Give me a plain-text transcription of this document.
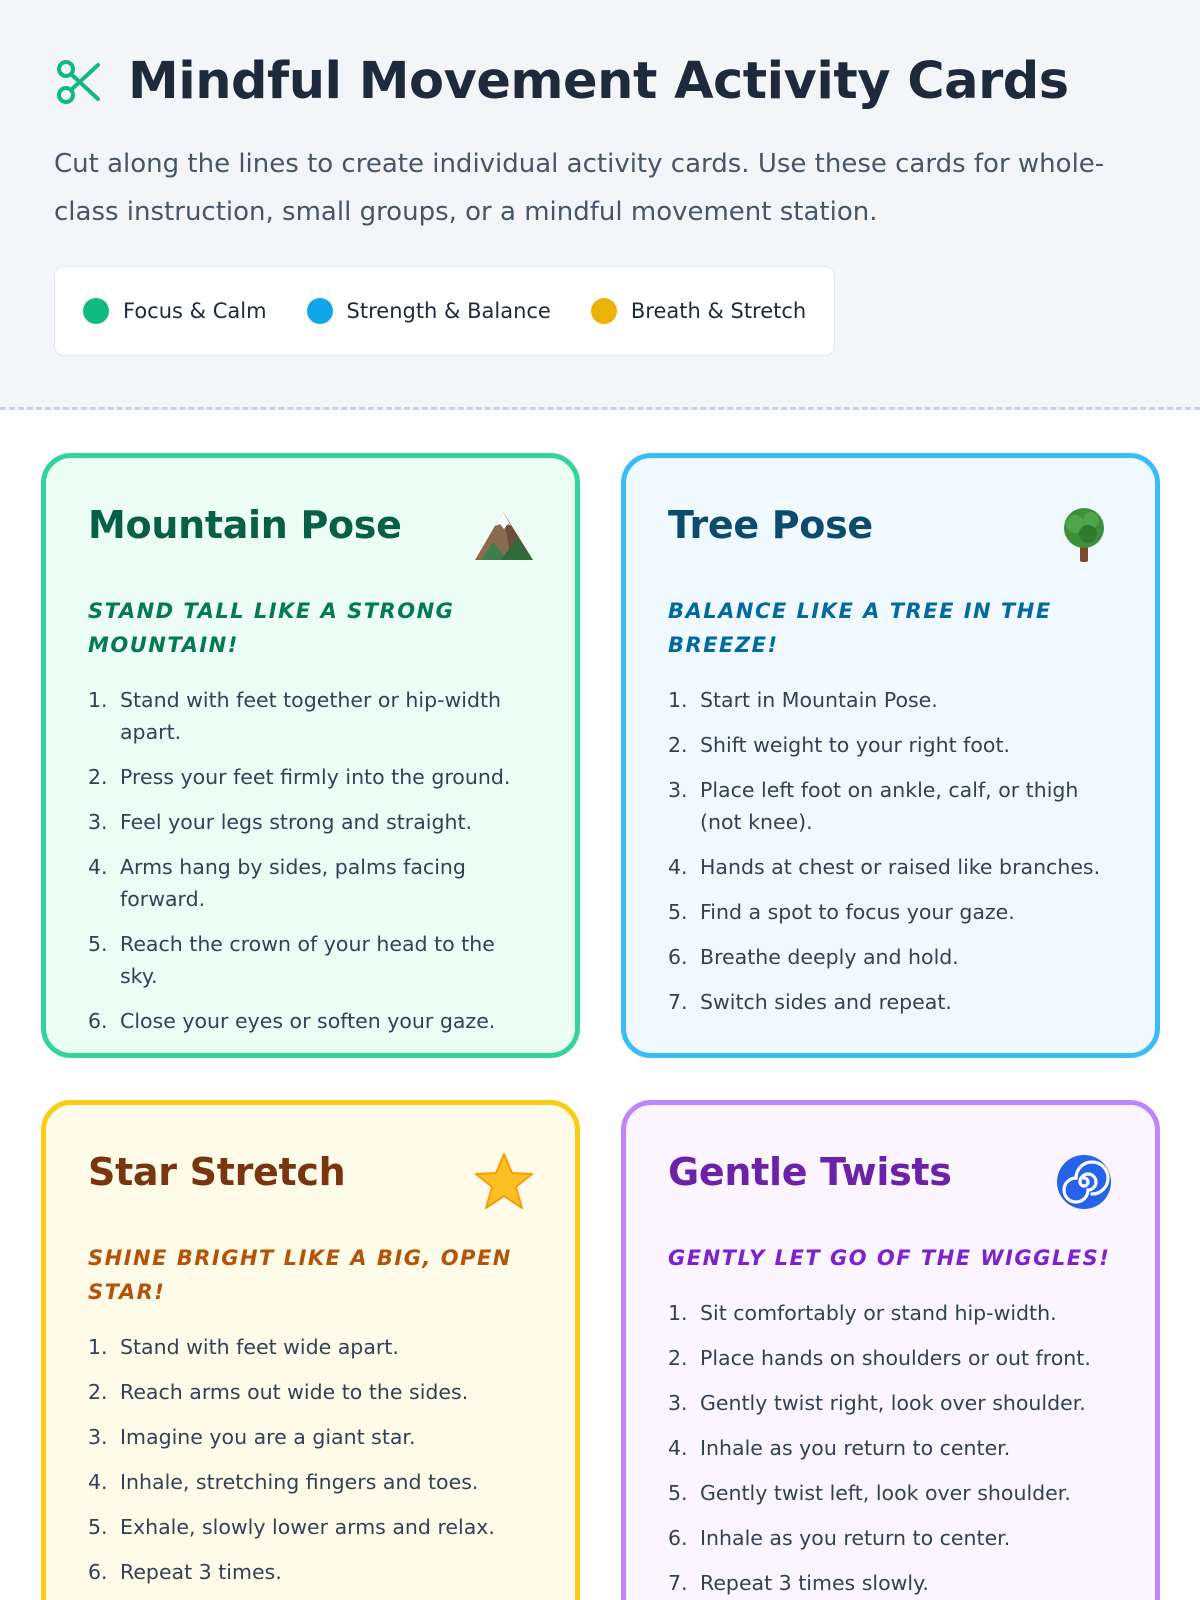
Mindful Movement Activity Cards

Cut along the lines to create individual activity cards. Use these cards for whole-class instruction, small groups, or a mindful movement station.

Focus & Calm	Strength & Balance	Breath & Stretch
Mountain Pose
STAND TALL LIKE A STRONG MOUNTAIN!
1. Stand with feet together or hip-width apart.
2. Press your feet firmly into the ground.
3. Feel your legs strong and straight.
4. Arms hang by sides, palms facing forward.
5. Reach the crown of your head to the sky.
6. Close your eyes or soften your gaze.
Tree Pose
BALANCE LIKE A TREE IN THE BREEZE!
1. Start in Mountain Pose.
2. Shift weight to your right foot.
3. Place left foot on ankle, calf, or thigh (not knee).
4. Hands at chest or raised like branches.
5. Find a spot to focus your gaze.
6. Breathe deeply and hold.
7. Switch sides and repeat.
Star Stretch
SHINE BRIGHT LIKE A BIG, OPEN STAR!
1. Stand with feet wide apart.
2. Reach arms out wide to the sides.
3. Imagine you are a giant star.
4. Inhale, stretching fingers and toes.
5. Exhale, slowly lower arms and relax.
6. Repeat 3 times.
Gentle Twists
GENTLY LET GO OF THE WIGGLES!
1. Sit comfortably or stand hip-width.
2. Place hands on shoulders or out front.
3. Gently twist right, look over shoulder.
4. Inhale as you return to center.
5. Gently twist left, look over shoulder.
6. Inhale as you return to center.
7. Repeat 3 times slowly.
